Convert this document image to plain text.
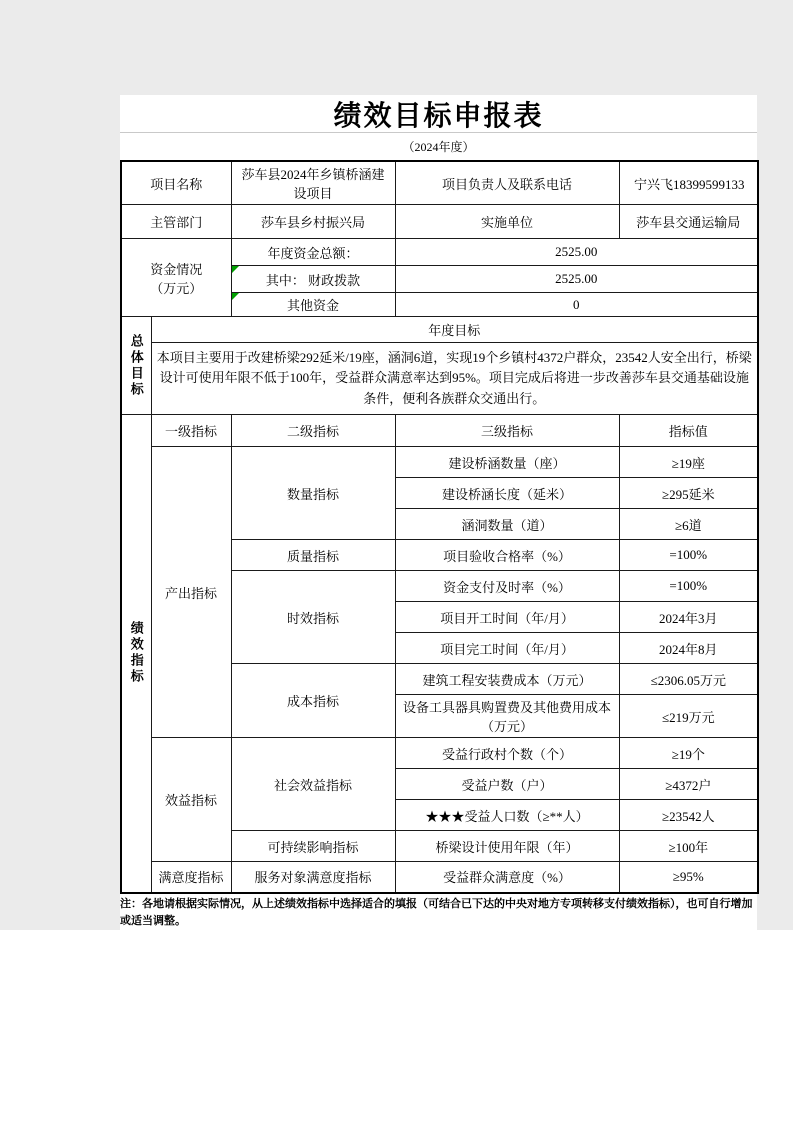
绩效目标申报表
（2024年度）
项目名称		莎车县2024年乡镇桥涵建设项目	项目负责人及联系电话	宁兴飞18399599133
主管部门		莎车县乡村振兴局	实施单位	莎车县交通运输局

资金情况
（万元）		年度资金总额：	2525.00	

其中： 财政拨款	2525.00	

其他资金	0	

总体目标	年度目标			
	本项目主要用于改建桥梁292延米/19座，涵洞6道，实现19个乡镇村4372户群众，23542人安全出行，桥梁设计可使用年限不低于100年，受益群众满意率达到95%。项目完成后将进一步改善莎车县交通基础设施条件，便利各族群众交通出行。			

绩效指标	一级指标	二级指标	三级指标	指标值
	产出指标	数量指标	建设桥涵数量（座）	≥19座
			建设桥涵长度（延米）	≥295延米
			涵洞数量（道）	≥6道
		质量指标	项目验收合格率（%）	=100%
		时效指标	资金支付及时率（%）	=100%
			项目开工时间（年/月）	2024年3月
			项目完工时间（年/月）	2024年8月
		成本指标	建筑工程安装费成本（万元）	≤2306.05万元
			设备工具器具购置费及其他费用成本（万元）	≤219万元
	效益指标	社会效益指标	受益行政村个数（个）	≥19个
			受益户数（户）	≥4372户
			★★★受益人口数（≥**人）	≥23542人
		可持续影响指标	桥梁设计使用年限（年）	≥100年
	满意度指标	服务对象满意度指标	受益群众满意度（%）	≥95%
注：各地请根据实际情况，从上述绩效指标中选择适合的填报（可结合已下达的中央对地方专项转移支付绩效指标），也可自行增加或适当调整。
